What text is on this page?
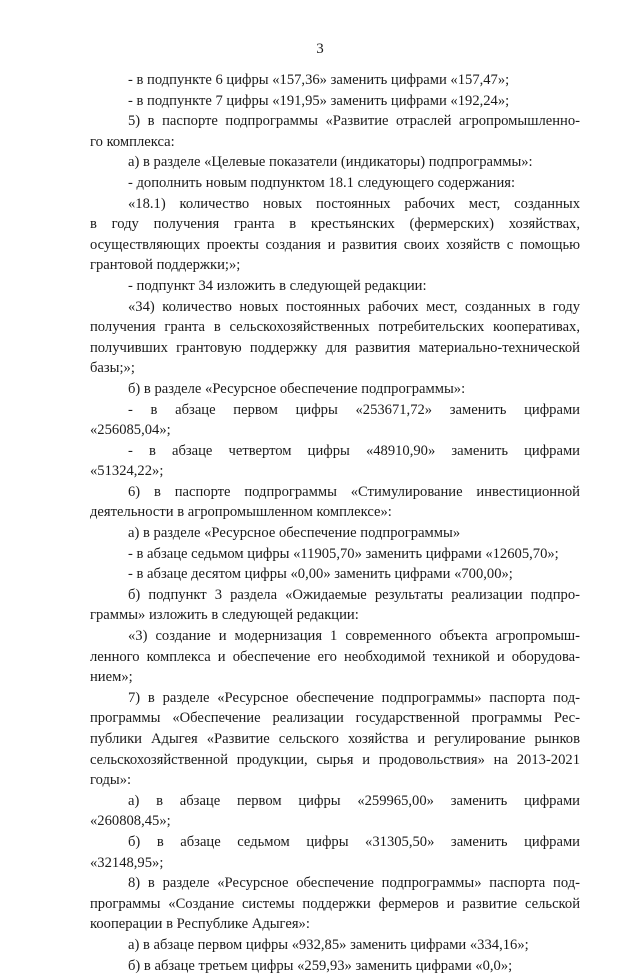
3
- в подпункте 6 цифры «157,36» заменить цифрами «157,47»;
- в подпункте 7 цифры «191,95» заменить цифрами «192,24»;
5) в паспорте подпрограммы «Развитие отраслей агропромышленно-
го комплекса:
а) в разделе «Целевые показатели (индикаторы) подпрограммы»:
- дополнить новым подпунктом 18.1 следующего содержания:
«18.1) количество новых постоянных рабочих мест, созданных
в году получения гранта в крестьянских (фермерских) хозяйствах,
осуществляющих проекты создания и развития своих хозяйств с помощью
грантовой поддержки;»;
- подпункт 34 изложить в следующей редакции:
«34) количество новых постоянных рабочих мест, созданных в году
получения гранта в сельскохозяйственных потребительских кооперативах,
получивших грантовую поддержку для развития материально-технической
базы;»;
б) в разделе «Ресурсное обеспечение подпрограммы»:
- в абзаце первом цифры «253671,72» заменить цифрами
«256085,04»;
- в абзаце четвертом цифры «48910,90» заменить цифрами
«51324,22»;
6) в паспорте подпрограммы «Стимулирование инвестиционной
деятельности в агропромышленном комплексе»:
а) в разделе «Ресурсное обеспечение подпрограммы»
- в абзаце седьмом цифры «11905,70» заменить цифрами «12605,70»;
- в абзаце десятом цифры «0,00» заменить цифрами «700,00»;
б) подпункт 3 раздела «Ожидаемые результаты реализации подпро-
граммы» изложить в следующей редакции:
«3) создание и модернизация 1 современного объекта агропромыш-
ленного комплекса и обеспечение его необходимой техникой и оборудова-
нием»;
7) в разделе «Ресурсное обеспечение подпрограммы» паспорта под-
программы «Обеспечение реализации государственной программы Рес-
публики Адыгея «Развитие сельского хозяйства и регулирование рынков
сельскохозяйственной продукции, сырья и продовольствия» на 2013-2021
годы»:
а) в абзаце первом цифры «259965,00» заменить цифрами
«260808,45»;
б) в абзаце седьмом цифры «31305,50» заменить цифрами
«32148,95»;
8) в разделе «Ресурсное обеспечение подпрограммы» паспорта под-
программы «Создание системы поддержки фермеров и развитие сельской
кооперации в Республике Адыгея»:
а) в абзаце первом цифры «932,85» заменить цифрами «334,16»;
б) в абзаце третьем цифры «259,93» заменить цифрами «0,0»;
